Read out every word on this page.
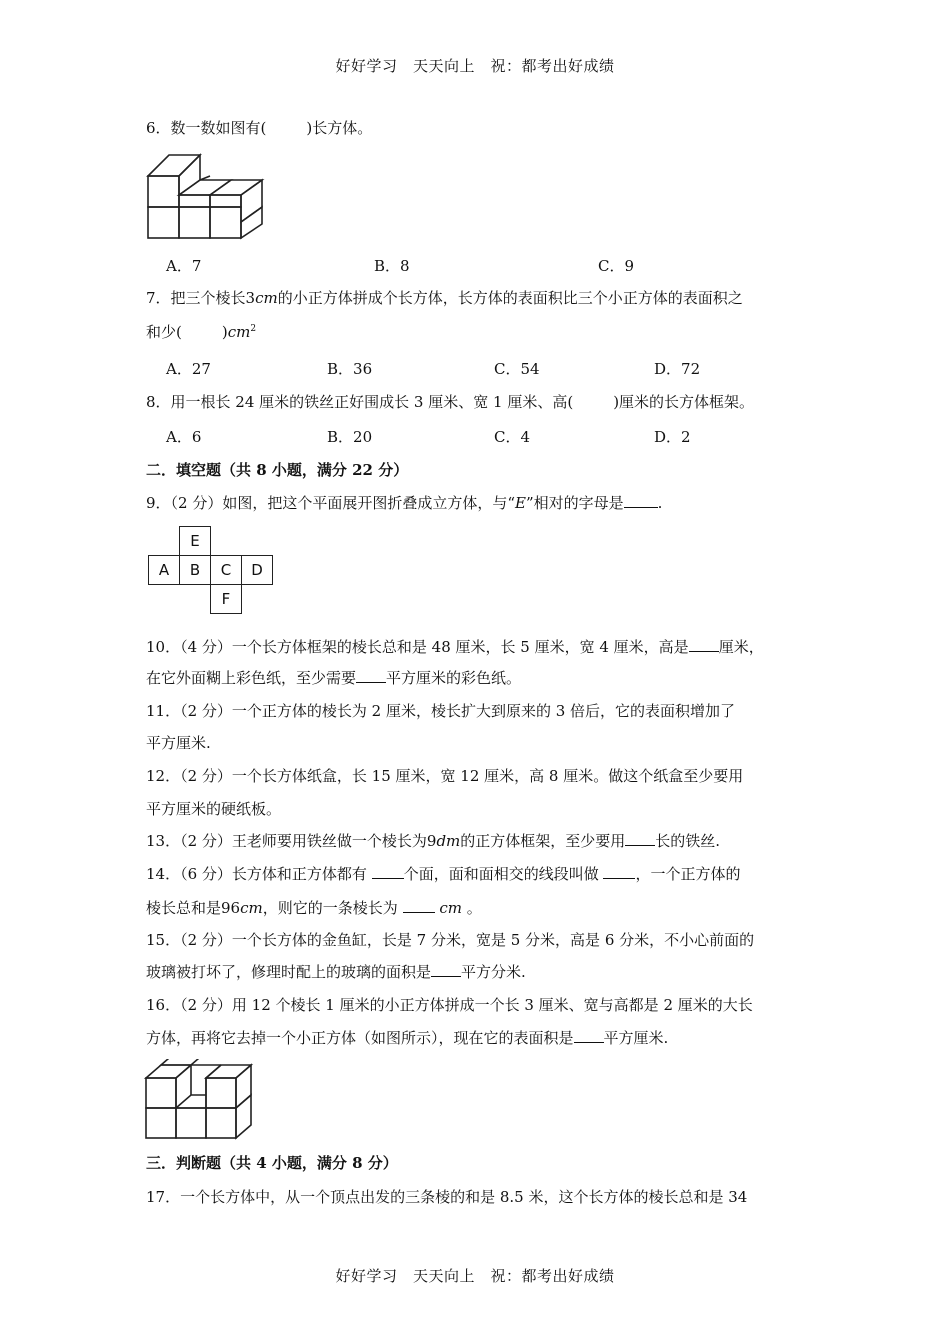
好好学习　天天向上　祝：都考出好成绩
6．数一数如图有(	)长方体。
A．7	B．8	C．9
7．把三个棱长3cm的小正方体拼成个长方体，长方体的表面积比三个小正方体的表面积之
和少(	)$cm^2$
A．27	B．36	C．54	D．72
8．用一根长 24 厘米的铁丝正好围成长 3 厘米、宽 1 厘米、高(	)厘米的长方体框架。
A．6	B．20	C．4	D．2
二．填空题（共 8 小题，满分 22 分）
9．（2 分）如图，把这个平面展开图折叠成立方体，与“E”相对的字母是 .
	E		
A	B	C	D
		F	
10．（4 分）一个长方体框架的棱长总和是 48 厘米，长 5 厘米，宽 4 厘米，高是 厘米，
在它外面糊上彩色纸，至少需要 平方厘米的彩色纸。
11．（2 分）一个正方体的棱长为 2 厘米，棱长扩大到原来的 3 倍后，它的表面积增加了
平方厘米.
12．（2 分）一个长方体纸盒，长 15 厘米，宽 12 厘米，高 8 厘米。做这个纸盒至少要用
平方厘米的硬纸板。
13．（2 分）王老师要用铁丝做一个棱长为9dm的正方体框架，至少要用 长的铁丝.
14．（6 分）长方体和正方体都有 个面，面和面相交的线段叫做 ，一个正方体的
棱长总和是96cm，则它的一条棱长为	cm 。
15．（2 分）一个长方体的金鱼缸，长是 7 分米，宽是 5 分米，高是 6 分米，不小心前面的
玻璃被打坏了，修理时配上的玻璃的面积是 平方分米.
16．（2 分）用 12 个棱长 1 厘米的小正方体拼成一个长 3 厘米、宽与高都是 2 厘米的大长
方体，再将它去掉一个小正方体（如图所示），现在它的表面积是 平方厘米.
三．判断题（共 4 小题，满分 8 分）
17．一个长方体中，从一个顶点出发的三条棱的和是 8.5 米，这个长方体的棱长总和是 34
好好学习　天天向上　祝：都考出好成绩
